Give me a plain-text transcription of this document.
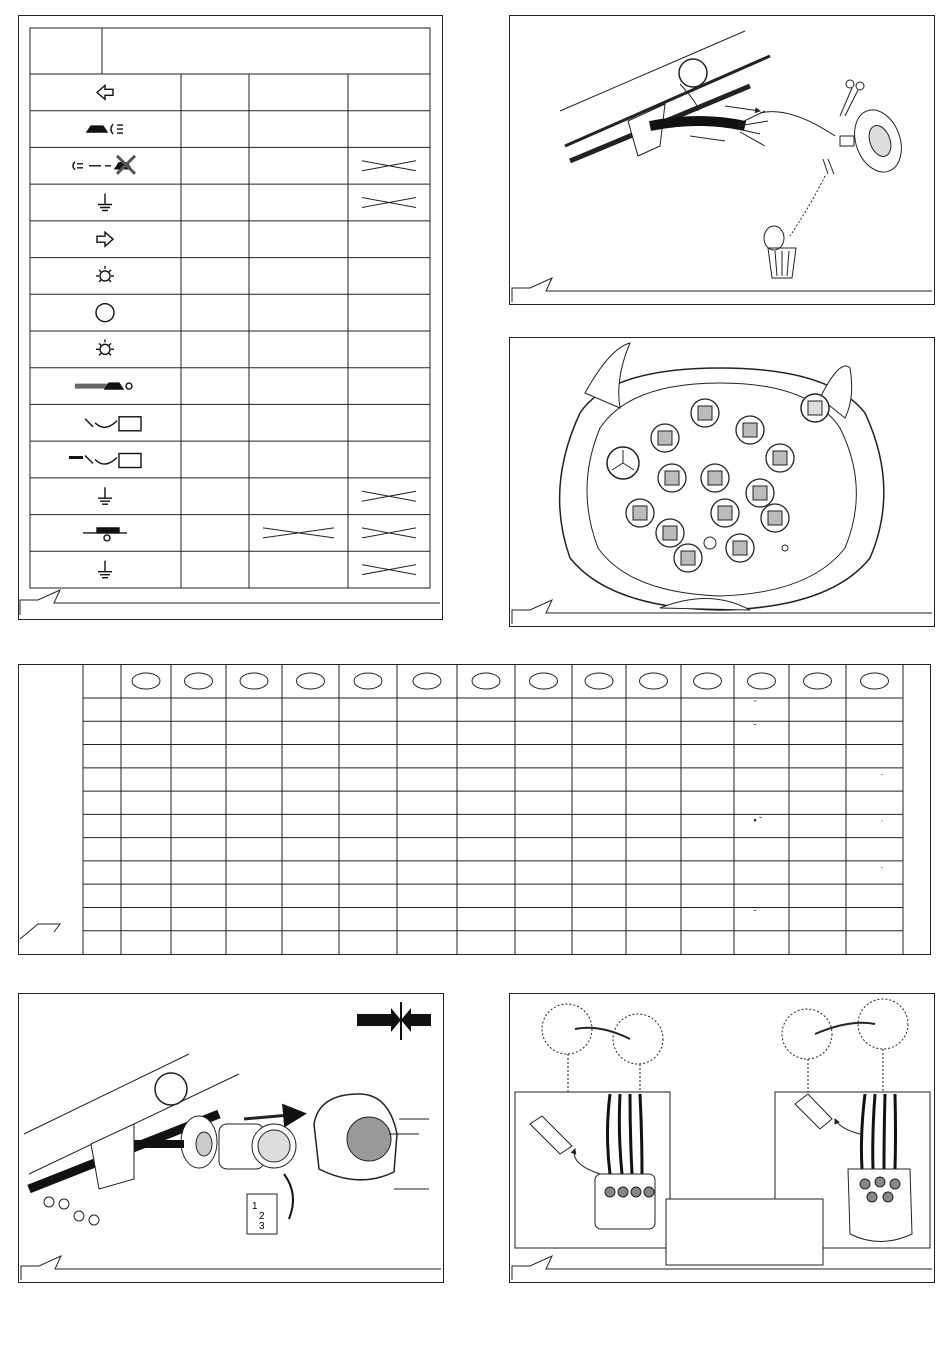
ˇ
ˇ
·
• ˇ	·
·
ˇ
1
2
3
